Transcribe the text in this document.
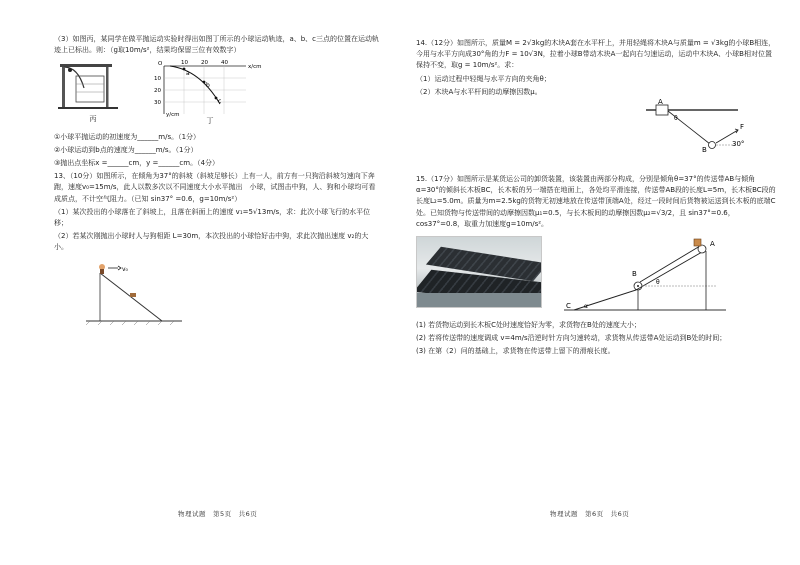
（3）如图丙，某同学在做平抛运动实验时得出如图丁所示的小球运动轨迹，a、b、c三点的位置在运动轨迹上已标出。则：（g取10m/s²，结果均保留三位有效数字）

丙
a
b
c
O	10 20 40
x/cm
10
20
30
y/cm
丁

①小球平抛运动的初速度为______m/s。（1分）

②小球运动到b点的速度为______m/s。（1分）

③抛出点坐标x =______cm，y =______cm。（4分）

13、（10分）如图所示，在倾角为37°的斜坡（斜坡足够长）上有一人，前方有一只狗沿斜坡匀速向下奔跑，速度v₀=15m/s，此人以数多次以不同速度大小水平抛出　小球，试图击中狗，人、狗和小球均可看成质点，不计空气阻力。（已知 sin37° =0.6，g=10m/s²）

（1）某次投出的小球落在了斜坡上，且落在斜面上的速度 v₁=5√13m/s，求：此次小球飞行的水平位移；

（2）若某次刚抛出小球时人与狗相距 L=30m，本次投出的小球恰好击中狗，求此次抛出速度 v₂的大小。

v₀
物理试题　第5页　共6页

14.（12分）如图所示，质量M = 2√3kg的木块A套在水平杆上，并用轻绳将木块A与质量m = √3kg的小球B相连，今用与水平方向成30°角的力F = 10√3N，拉着小球B带动木块A一起向右匀速运动，运动中木块A、小球B相对位置保持不变，取g = 10m/s²。求：

（1）运动过程中轻绳与水平方向的夹角θ；

（2）木块A与水平杆间的动摩擦因数μ。

A
θ
B
F
30°

15.（17分）如图所示是某货运公司的卸货装置，该装置由两部分构成，分别是倾角θ=37°的传送带AB与倾角α=30°的倾斜长木板BC，长木板的另一端搭在地面上，各处均平滑连接，传送带AB段的长度L=5m，长木板BC段的长度L₂=5.0m。质量为m=2.5kg的货物无初速地放在传送带顶端A处，经过一段时间后货物被运送到长木板的底端C处。已知货物与传送带间的动摩擦因数μ₁=0.5，与长木板间的动摩擦因数μ₂=√3/2，且 sin37°=0.6，cos37°=0.8，取重力加速度g=10m/s²。

C α
B
θ
A

(1) 若货物运动到长木板C处时速度恰好为零，求货物在B处的速度大小；

(2) 若将传送带的速度调成 v=4m/s沿逆时针方向匀速转动，求货物从传送带A处运动到B处的时间；

(3) 在第（2）问的基础上，求货物在传送带上留下的滑痕长度。

物理试题　第6页　共6页
